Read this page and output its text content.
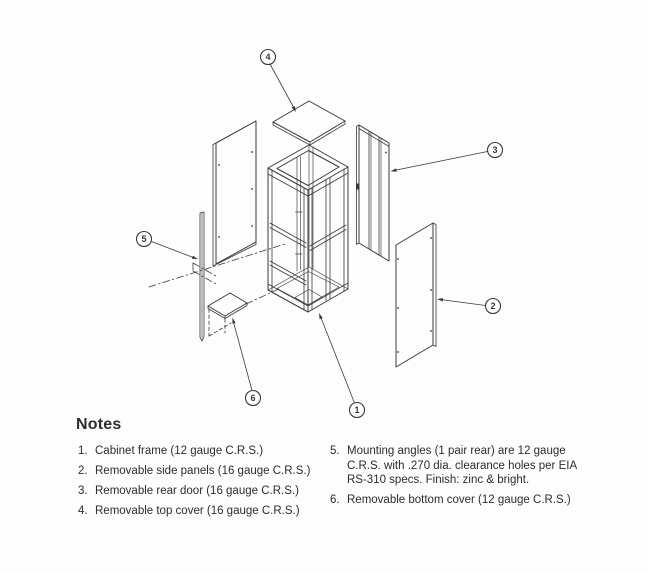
1
2
3
4
5
6
Notes
1. Cabinet frame (12 gauge C.R.S.)
2. Removable side panels (16 gauge C.R.S.)
3. Removable rear door (16 gauge C.R.S.)
4. Removable top cover (16 gauge C.R.S.)
5. Mounting angles (1 pair rear) are 12 gauge C.R.S. with .270 dia. clearance holes per EIA RS-310 specs. Finish: zinc & bright.
6. Removable bottom cover (12 gauge C.R.S.)
